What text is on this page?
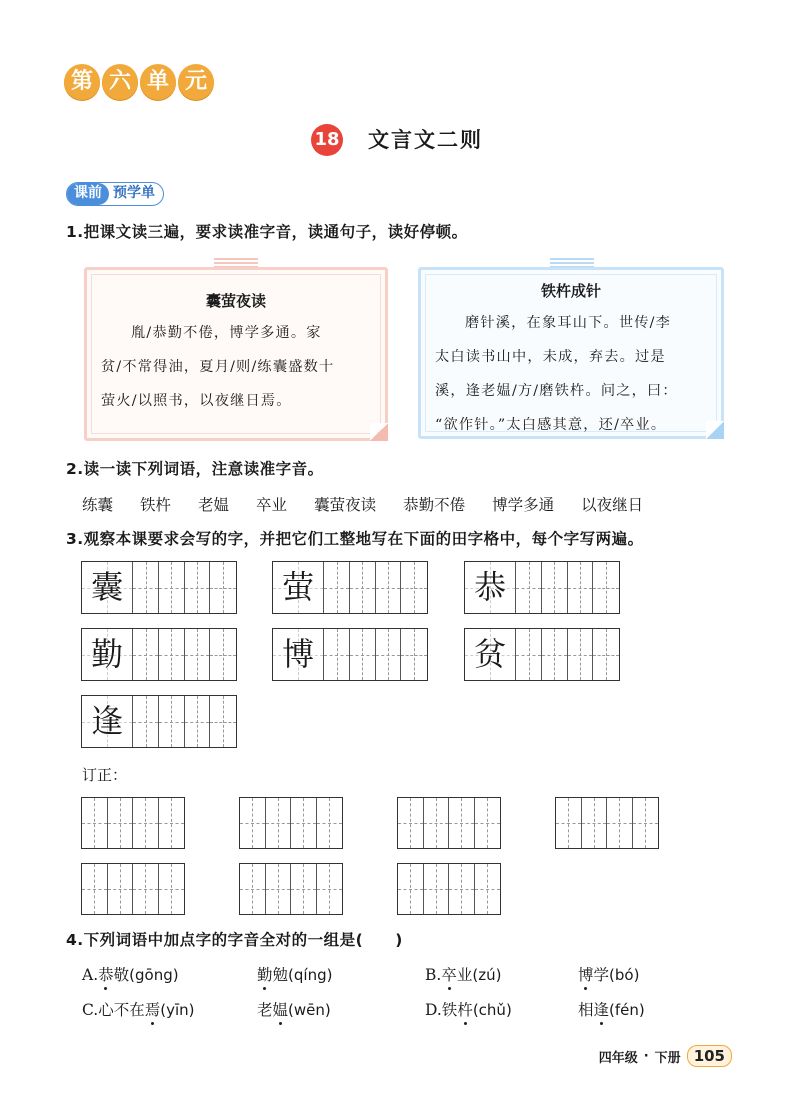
第 六 单 元
18 文言文二则
课前 预学单
1.把课文读三遍，要求读准字音，读通句子，读好停顿。
囊萤夜读
胤/恭勤不倦，博学多通。家
贫/不常得油，夏月/则/练囊盛数十
萤火/以照书，以夜继日焉。
铁杵成针
磨针溪，在象耳山下。世传/李
太白读书山中，未成，弃去。过是
溪，逢老媪/方/磨铁杵。问之，曰：
“欲作针。”太白感其意，还/卒业。
2.读一读下列词语，注意读准字音。
练囊 铁杵 老媪 卒业 囊萤夜读 恭勤不倦 博学多通 以夜继日
3.观察本课要求会写的字，并把它们工整地写在下面的田字格中，每个字写两遍。
囊	萤	恭
勤	博	贫
逢
订正：
4.下列词语中加点字的字音全对的一组是(　　)
A.恭敬(gōng)	勤勉(qíng)	B.卒业(zú)	博学(bó)
C.心不在焉(yīn)	老媪(wēn)	D.铁杵(chǔ)	相逢(fén)
四年级 · 下册 105
